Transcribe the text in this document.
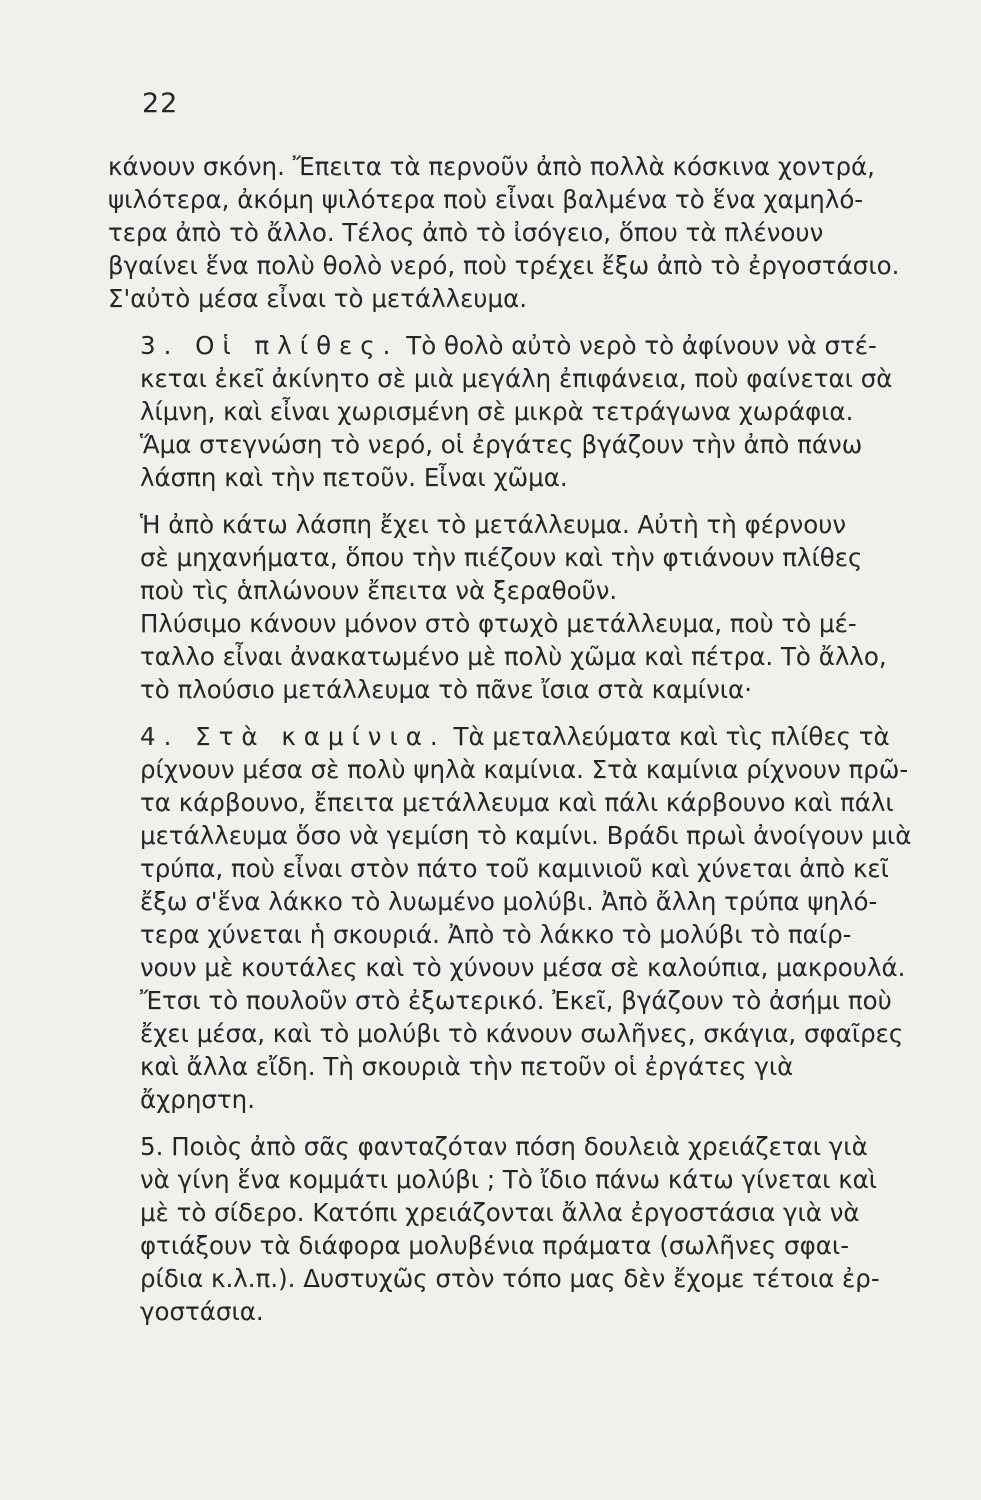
22

κάνουν σκόνη. Ἔπειτα τὰ περνοῦν ἀπὸ πολλὰ κόσκινα χοντρά,
ψιλότερα, ἀκόμη ψιλότερα ποὺ εἶναι βαλμένα τὸ ἕνα χαμηλό-
τερα ἀπὸ τὸ ἄλλο. Τέλος ἀπὸ τὸ ἰσόγειο, ὅπου τὰ πλένουν
βγαίνει ἕνα πολὺ θολὸ νερό, ποὺ τρέχει ἔξω ἀπὸ τὸ ἐργοστάσιο.
Σ'αὐτὸ μέσα εἶναι τὸ μετάλλευμα.

3. Οἱ πλίθες. Τὸ θολὸ αὐτὸ νερὸ τὸ ἀφίνουν νὰ στέ-
κεται ἐκεῖ ἀκίνητο σὲ μιὰ μεγάλη ἐπιφάνεια, ποὺ φαίνεται σὰ
λίμνη, καὶ εἶναι χωρισμένη σὲ μικρὰ τετράγωνα χωράφια.
Ἅμα στεγνώση τὸ νερό, οἱ ἐργάτες βγάζουν τὴν ἀπὸ πάνω
λάσπη καὶ τὴν πετοῦν. Εἶναι χῶμα.

Ἡ ἀπὸ κάτω λάσπη ἔχει τὸ μετάλλευμα. Αὐτὴ τὴ φέρνουν
σὲ μηχανήματα, ὅπου τὴν πιέζουν καὶ τὴν φτιάνουν πλίθες
ποὺ τὶς ἁπλώνουν ἔπειτα νὰ ξεραθοῦν.

Πλύσιμο κάνουν μόνον στὸ φτωχὸ μετάλλευμα, ποὺ τὸ μέ-
ταλλο εἶναι ἀνακατωμένο μὲ πολὺ χῶμα καὶ πέτρα. Τὸ ἄλλο,
τὸ πλούσιο μετάλλευμα τὸ πᾶνε ἴσια στὰ καμίνια·

4. Στὰ καμίνια. Τὰ μεταλλεύματα καὶ τὶς πλίθες τὰ
ρίχνουν μέσα σὲ πολὺ ψηλὰ καμίνια. Στὰ καμίνια ρίχνουν πρῶ-
τα κάρβουνο, ἔπειτα μετάλλευμα καὶ πάλι κάρβουνο καὶ πάλι
μετάλλευμα ὅσο νὰ γεμίση τὸ καμίνι. Βράδι πρωὶ ἀνοίγουν μιὰ
τρύπα, ποὺ εἶναι στὸν πάτο τοῦ καμινιοῦ καὶ χύνεται ἀπὸ κεῖ
ἔξω σ'ἕνα λάκκο τὸ λυωμένο μολύβι. Ἀπὸ ἄλλη τρύπα ψηλό-
τερα χύνεται ἡ σκουριά. Ἀπὸ τὸ λάκκο τὸ μολύβι τὸ παίρ-
νουν μὲ κουτάλες καὶ τὸ χύνουν μέσα σὲ καλούπια, μακρουλά.
Ἔτσι τὸ πουλοῦν στὸ ἐξωτερικό. Ἐκεῖ, βγάζουν τὸ ἀσήμι ποὺ
ἔχει μέσα, καὶ τὸ μολύβι τὸ κάνουν σωλῆνες, σκάγια, σφαῖρες
καὶ ἄλλα εἴδη. Τὴ σκουριὰ τὴν πετοῦν οἱ ἐργάτες γιὰ
ἄχρηστη.

5. Ποιὸς ἀπὸ σᾶς φανταζόταν πόση δουλειὰ χρειάζεται γιὰ
νὰ γίνη ἕνα κομμάτι μολύβι ; Τὸ ἴδιο πάνω κάτω γίνεται καὶ
μὲ τὸ σίδερο. Κατόπι χρειάζονται ἄλλα ἐργοστάσια γιὰ νὰ
φτιάξουν τὰ διάφορα μολυβένια πράματα (σωλῆνες σφαι-
ρίδια κ.λ.π.). Δυστυχῶς στὸν τόπο μας δὲν ἔχομε τέτοια ἐρ-
γοστάσια.
